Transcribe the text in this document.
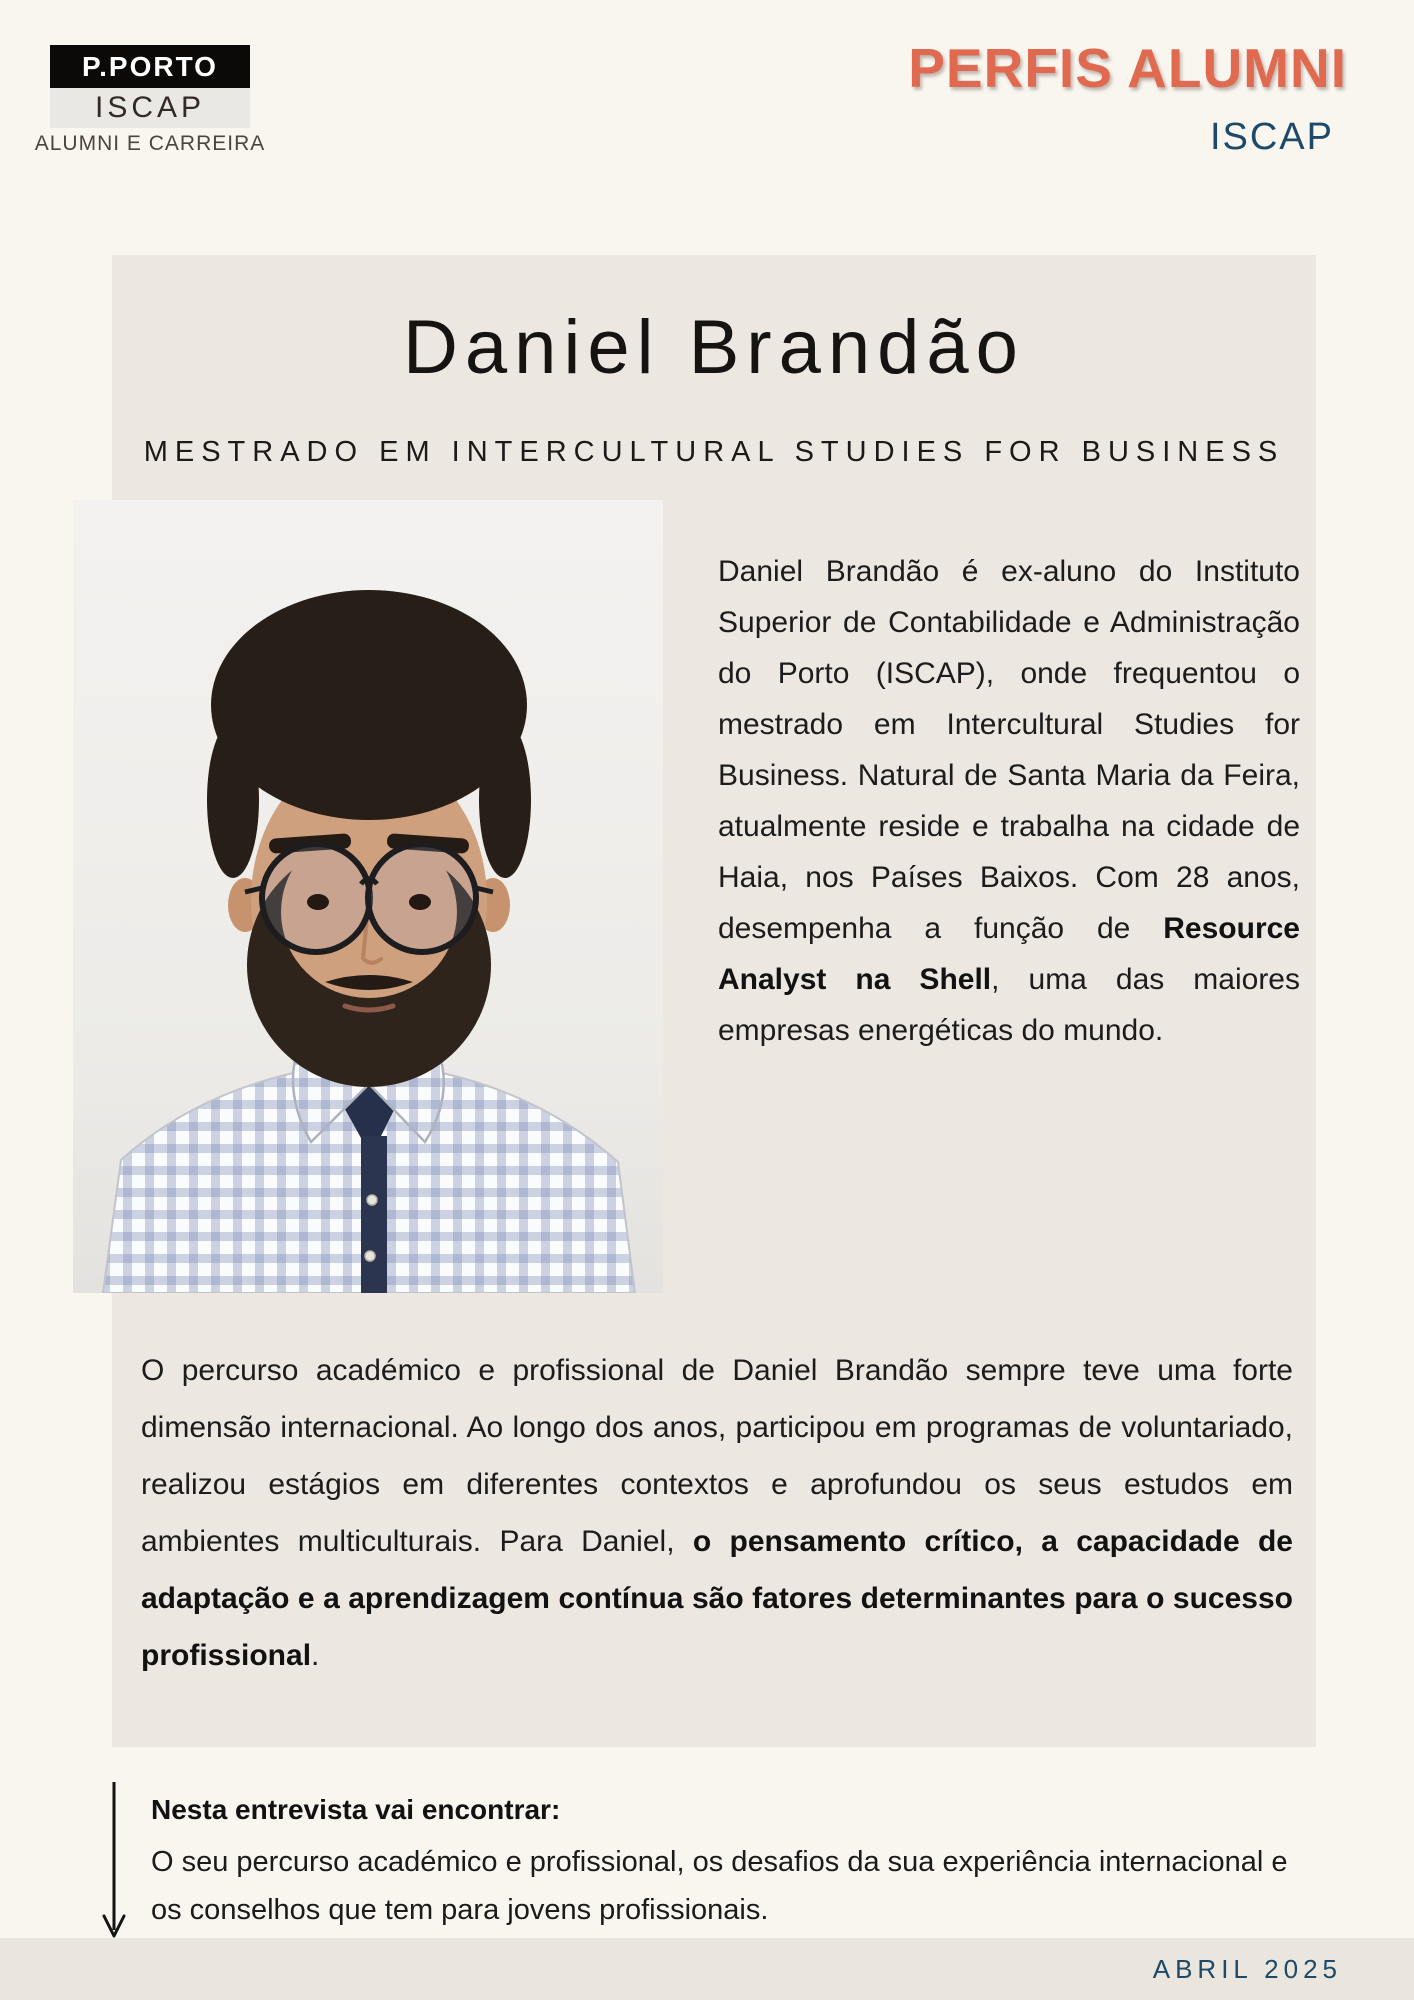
P.PORTO
ISCAP
ALUMNI E CARREIRA
PERFIS ALUMNI
ISCAP
Daniel Brandão
MESTRADO EM INTERCULTURAL STUDIES FOR BUSINESS

Daniel Brandão é ex-aluno do Instituto Superior de Contabilidade e Administração do Porto (ISCAP), onde frequentou o mestrado em Intercultural Studies for Business. Natural de Santa Maria da Feira, atualmente reside e trabalha na cidade de Haia, nos Países Baixos. Com 28 anos, desempenha a função de Resource Analyst na Shell, uma das maiores empresas energéticas do mundo.

O percurso académico e profissional de Daniel Brandão sempre teve uma forte dimensão internacional. Ao longo dos anos, participou em programas de voluntariado, realizou estágios em diferentes contextos e aprofundou os seus estudos em ambientes multiculturais. Para Daniel, o pensamento crítico, a capacidade de adaptação e a aprendizagem contínua são fatores determinantes para o sucesso profissional.

Nesta entrevista vai encontrar:
O seu percurso académico e profissional, os desafios da sua experiência internacional e os conselhos que tem para jovens profissionais.
ABRIL 2025
